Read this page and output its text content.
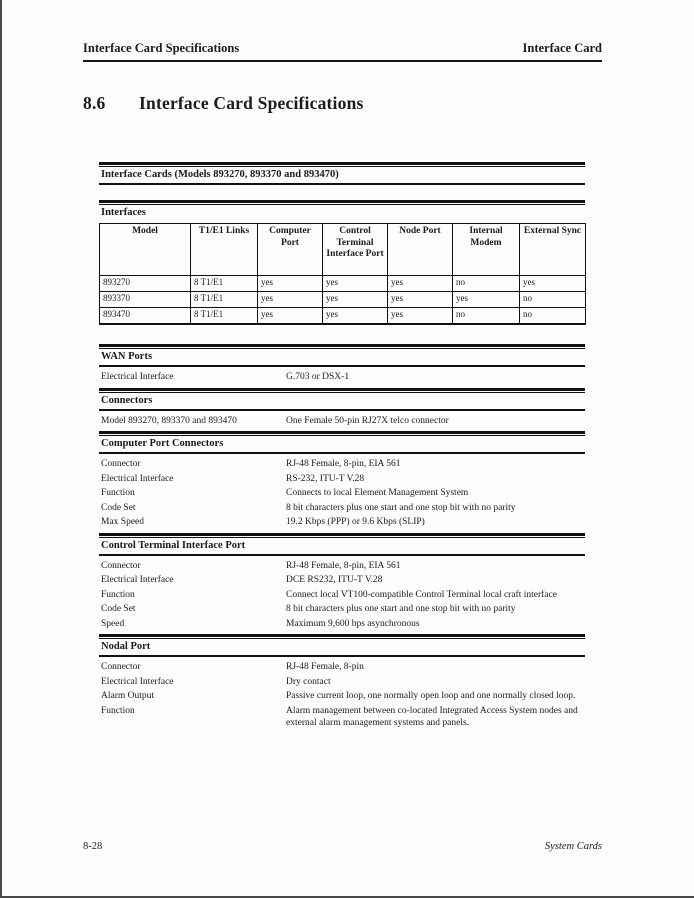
Interface Card Specifications	Interface Card
8.6 Interface Card Specifications
Interface Cards (Models 893270, 893370 and 893470)
Interfaces
Model	T1/E1 Links	Computer Port	Control Terminal Interface Port	Node Port	Internal Modem	External Sync
893270	8 T1/E1	yes	yes	yes	no	yes
893370	8 T1/E1	yes	yes	yes	yes	no
893470	8 T1/E1	yes	yes	yes	no	no
WAN Ports
Electrical Interface	G.703 or DSX-1
Connectors
Model 893270, 893370 and 893470	One Female 50-pin RJ27X telco connector
Computer Port Connectors
Connector	RJ-48 Female, 8-pin, EIA 561
Electrical Interface	RS-232, ITU-T V.28
Function	Connects to local Element Management System
Code Set	8 bit characters plus one start and one stop bit with no parity
Max Speed	19.2 Kbps (PPP) or 9.6 Kbps (SLIP)
Control Terminal Interface Port
Connector	RJ-48 Female, 8-pin, EIA 561
Electrical Interface	DCE RS232, ITU-T V.28
Function	Connect local VT100-compatible Control Terminal local craft interface
Code Set	8 bit characters plus one start and one stop bit with no parity
Speed	Maximum 9,600 bps asynchronous
Nodal Port
Connector	RJ-48 Female, 8-pin
Electrical Interface	Dry contact
Alarm Output	Passive current loop, one normally open loop and one normally closed loop.
Function	Alarm management between co-located Integrated Access System nodes and external alarm management systems and panels.
8-28	System Cards
